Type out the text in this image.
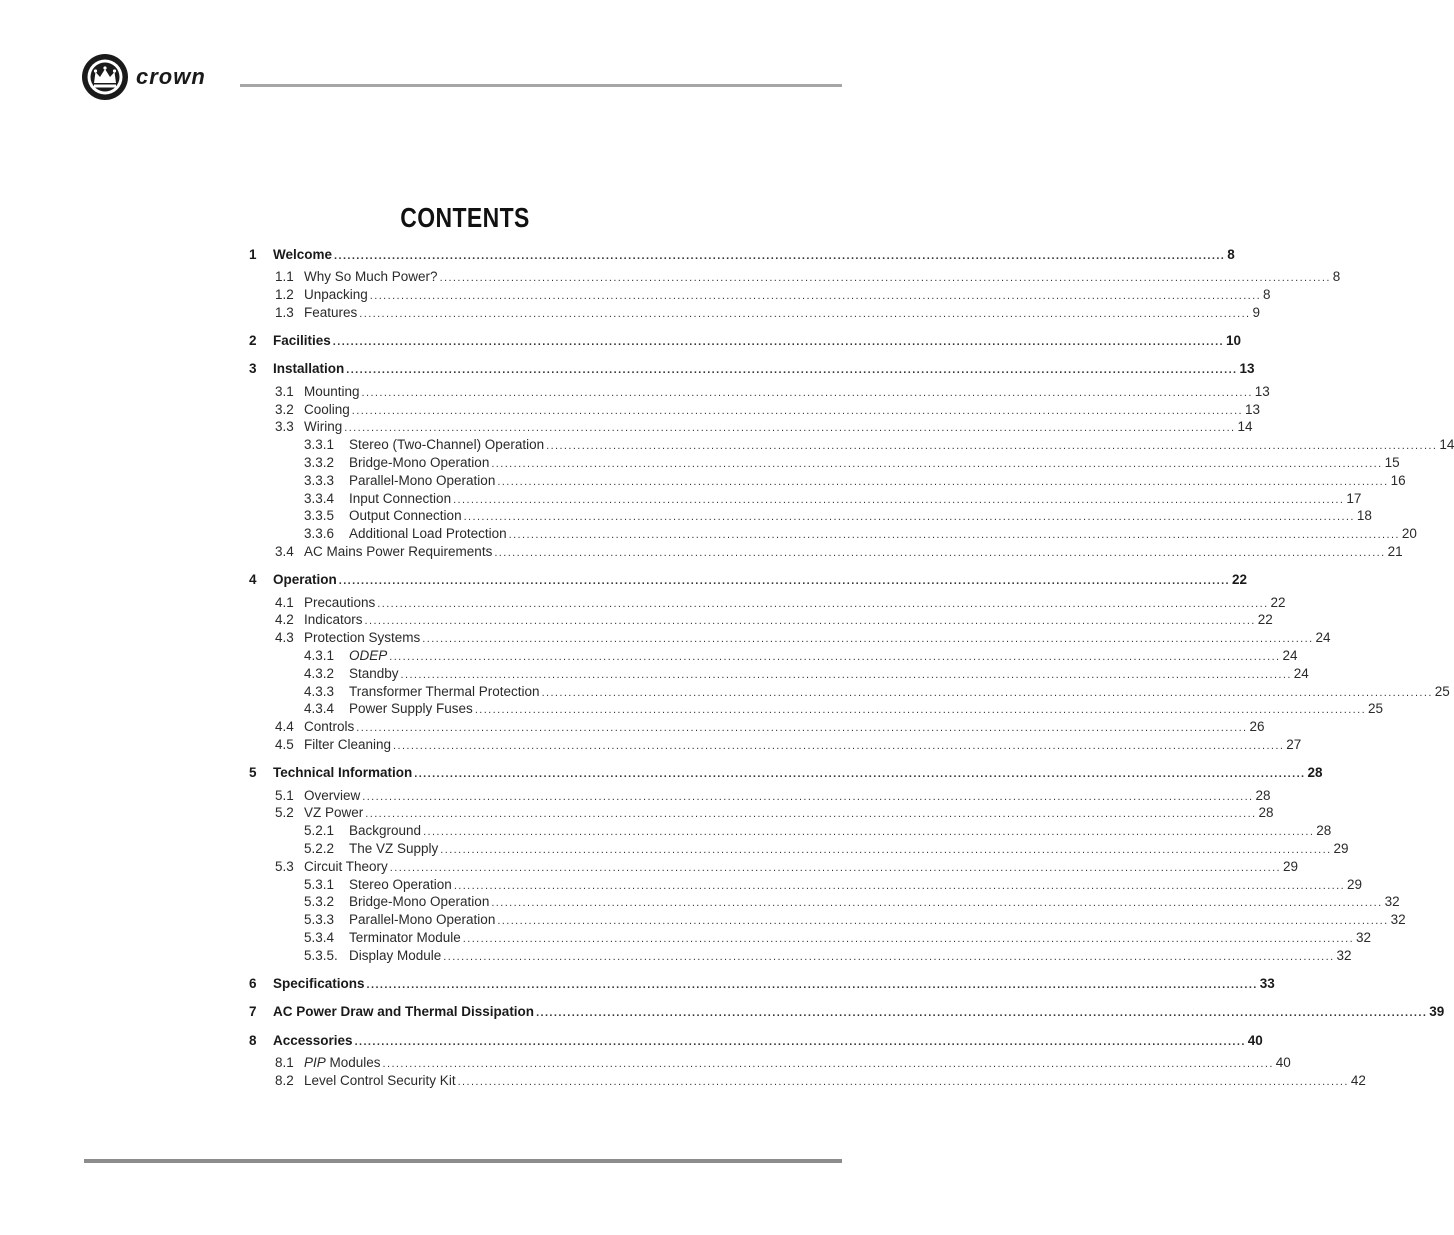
crown
CONTENTS
1	Welcome ........................................................................................................................................................................................................ 8
1.1 Why So Much Power? ........................................................................................................................................................................................................ 8
1.2 Unpacking ........................................................................................................................................................................................................ 8
1.3 Features ........................................................................................................................................................................................................ 9
2	Facilities ........................................................................................................................................................................................................ 10
3	Installation ........................................................................................................................................................................................................ 13
3.1 Mounting ........................................................................................................................................................................................................ 13
3.2 Cooling ........................................................................................................................................................................................................ 13
3.3 Wiring ........................................................................................................................................................................................................ 14
3.3.1	Stereo (Two-Channel) Operation ........................................................................................................................................................................................................ 14
3.3.2	Bridge-Mono Operation ........................................................................................................................................................................................................ 15
3.3.3	Parallel-Mono Operation ........................................................................................................................................................................................................ 16
3.3.4	Input Connection ........................................................................................................................................................................................................ 17
3.3.5	Output Connection ........................................................................................................................................................................................................ 18
3.3.6	Additional Load Protection ........................................................................................................................................................................................................ 20
3.4 AC Mains Power Requirements ........................................................................................................................................................................................................ 21
4	Operation ........................................................................................................................................................................................................ 22
4.1 Precautions ........................................................................................................................................................................................................ 22
4.2 Indicators ........................................................................................................................................................................................................ 22
4.3 Protection Systems ........................................................................................................................................................................................................ 24
4.3.1	ODEP ........................................................................................................................................................................................................ 24
4.3.2	Standby ........................................................................................................................................................................................................ 24
4.3.3	Transformer Thermal Protection ........................................................................................................................................................................................................ 25
4.3.4	Power Supply Fuses ........................................................................................................................................................................................................ 25
4.4 Controls ........................................................................................................................................................................................................ 26
4.5 Filter Cleaning ........................................................................................................................................................................................................ 27
5	Technical Information ........................................................................................................................................................................................................ 28
5.1 Overview ........................................................................................................................................................................................................ 28
5.2 VZ Power ........................................................................................................................................................................................................ 28
5.2.1	Background ........................................................................................................................................................................................................ 28
5.2.2	The VZ Supply ........................................................................................................................................................................................................ 29
5.3 Circuit Theory ........................................................................................................................................................................................................ 29
5.3.1	Stereo Operation ........................................................................................................................................................................................................ 29
5.3.2	Bridge-Mono Operation ........................................................................................................................................................................................................ 32
5.3.3	Parallel-Mono Operation ........................................................................................................................................................................................................ 32
5.3.4	Terminator Module ........................................................................................................................................................................................................ 32
5.3.5. Display Module ........................................................................................................................................................................................................ 32
6	Specifications ........................................................................................................................................................................................................ 33
7	AC Power Draw and Thermal Dissipation ........................................................................................................................................................................................................ 39
8	Accessories ........................................................................................................................................................................................................ 40
8.1 PIP Modules ........................................................................................................................................................................................................ 40
8.2 Level Control Security Kit ........................................................................................................................................................................................................ 42
